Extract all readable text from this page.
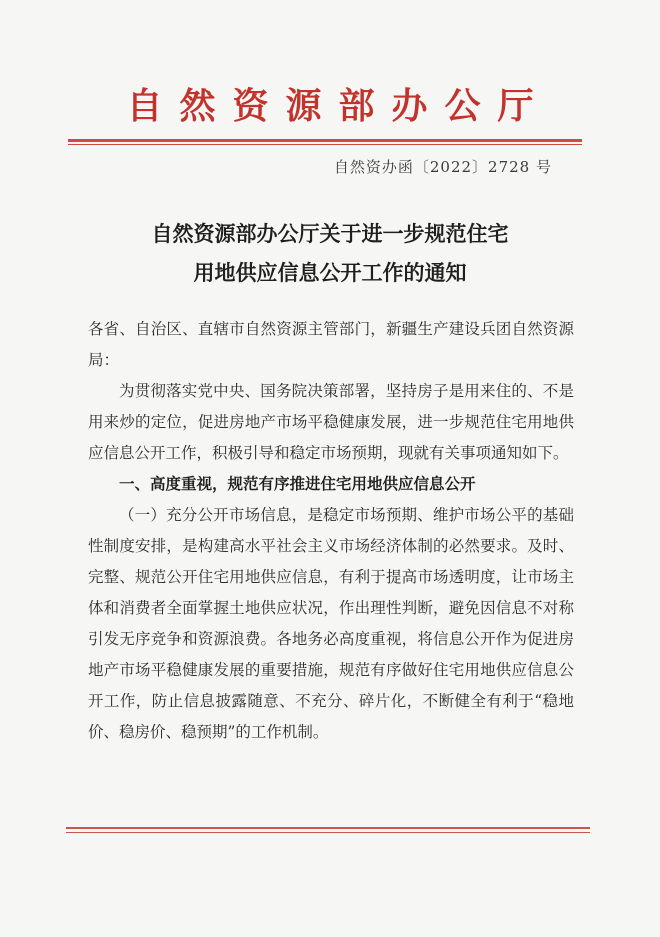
自然资源部办公厅
自然资办函〔2022〕2728 号
自然资源部办公厅关于进一步规范住宅
用地供应信息公开工作的通知

各省、自治区、直辖市自然资源主管部门，新疆生产建设兵团自然资源局：

为贯彻落实党中央、国务院决策部署，坚持房子是用来住的、不是用来炒的定位，促进房地产市场平稳健康发展，进一步规范住宅用地供应信息公开工作，积极引导和稳定市场预期，现就有关事项通知如下。

一、高度重视，规范有序推进住宅用地供应信息公开

（一）充分公开市场信息，是稳定市场预期、维护市场公平的基础性制度安排，是构建高水平社会主义市场经济体制的必然要求。及时、完整、规范公开住宅用地供应信息，有利于提高市场透明度，让市场主体和消费者全面掌握土地供应状况，作出理性判断，避免因信息不对称引发无序竞争和资源浪费。各地务必高度重视，将信息公开作为促进房地产市场平稳健康发展的重要措施，规范有序做好住宅用地供应信息公开工作，防止信息披露随意、不充分、碎片化，不断健全有利于“稳地价、稳房价、稳预期”的工作机制。
